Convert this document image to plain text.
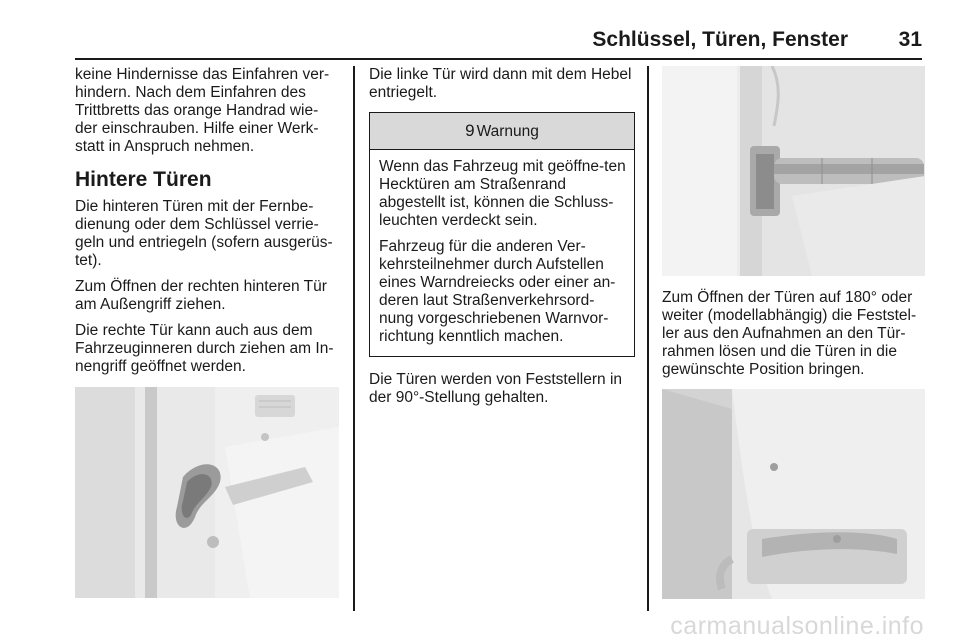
Schlüssel, Türen, Fenster 31

keine Hindernisse das Einfahren ver-hindern. Nach dem Einfahren des Trittbretts das orange Handrad wie-der einschrauben. Hilfe einer Werk-statt in Anspruch nehmen.

Hintere Türen

Die hinteren Türen mit der Fernbe-dienung oder dem Schlüssel verrie-geln und entriegeln (sofern ausgerüs-tet).

Zum Öffnen der rechten hinteren Tür am Außengriff ziehen.

Die rechte Tür kann auch aus dem Fahrzeuginneren durch ziehen am In-nengriff geöffnet werden.

Die linke Tür wird dann mit dem Hebel entriegelt.

9 Warnung

Wenn das Fahrzeug mit geöffne-ten Hecktüren am Straßenrand abgestellt ist, können die Schluss-leuchten verdeckt sein.

Fahrzeug für die anderen Ver-kehrsteilnehmer durch Aufstellen eines Warndreiecks oder einer an-deren laut Straßenverkehrsord-nung vorgeschriebenen Warnvor-richtung kenntlich machen.

Die Türen werden von Feststellern in der 90°-Stellung gehalten.

Zum Öffnen der Türen auf 180° oder weiter (modellabhängig) die Feststel-ler aus den Aufnahmen an den Tür-rahmen lösen und die Türen in die gewünschte Position bringen.

carmanualsonline.info
